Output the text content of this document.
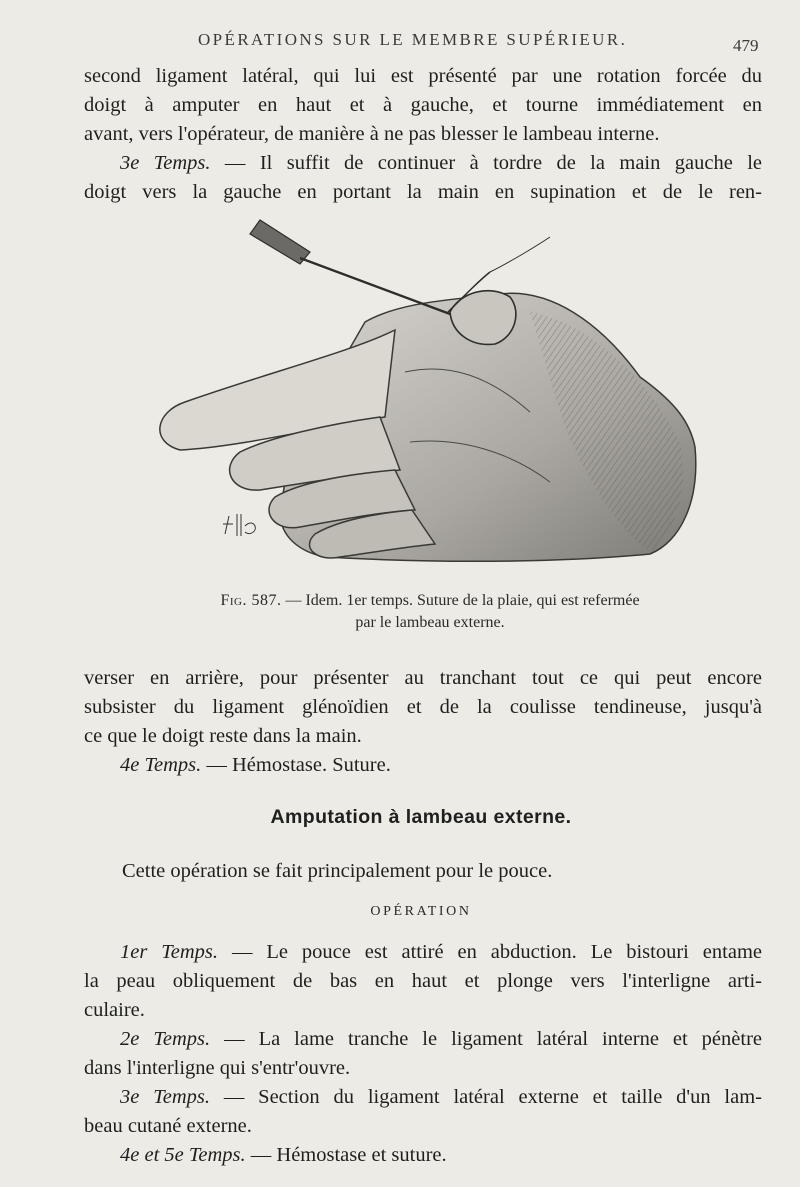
OPÉRATIONS SUR LE MEMBRE SUPÉRIEUR.	479

second ligament latéral, qui lui est présenté par une rotation forcée du
doigt à amputer en haut et à gauche, et tourne immédiatement en
avant, vers l'opérateur, de manière à ne pas blesser le lambeau interne.

3e Temps. — Il suffit de continuer à tordre de la main gauche le
doigt vers la gauche en portant la main en supination et de le ren-

Fig. 587. — Idem. 1er temps. Suture de la plaie, qui est refermée
par le lambeau externe.

verser en arrière, pour présenter au tranchant tout ce qui peut encore
subsister du ligament glénoïdien et de la coulisse tendineuse, jusqu'à
ce que le doigt reste dans la main.

4e Temps. — Hémostase. Suture.

Amputation à lambeau externe.

Cette opération se fait principalement pour le pouce.

OPÉRATION

1er Temps. — Le pouce est attiré en abduction. Le bistouri entame
la peau obliquement de bas en haut et plonge vers l'interligne arti-
culaire.

2e Temps. — La lame tranche le ligament latéral interne et pénètre
dans l'interligne qui s'entr'ouvre.

3e Temps. — Section du ligament latéral externe et taille d'un lam-
beau cutané externe.

4e et 5e Temps. — Hémostase et suture.
